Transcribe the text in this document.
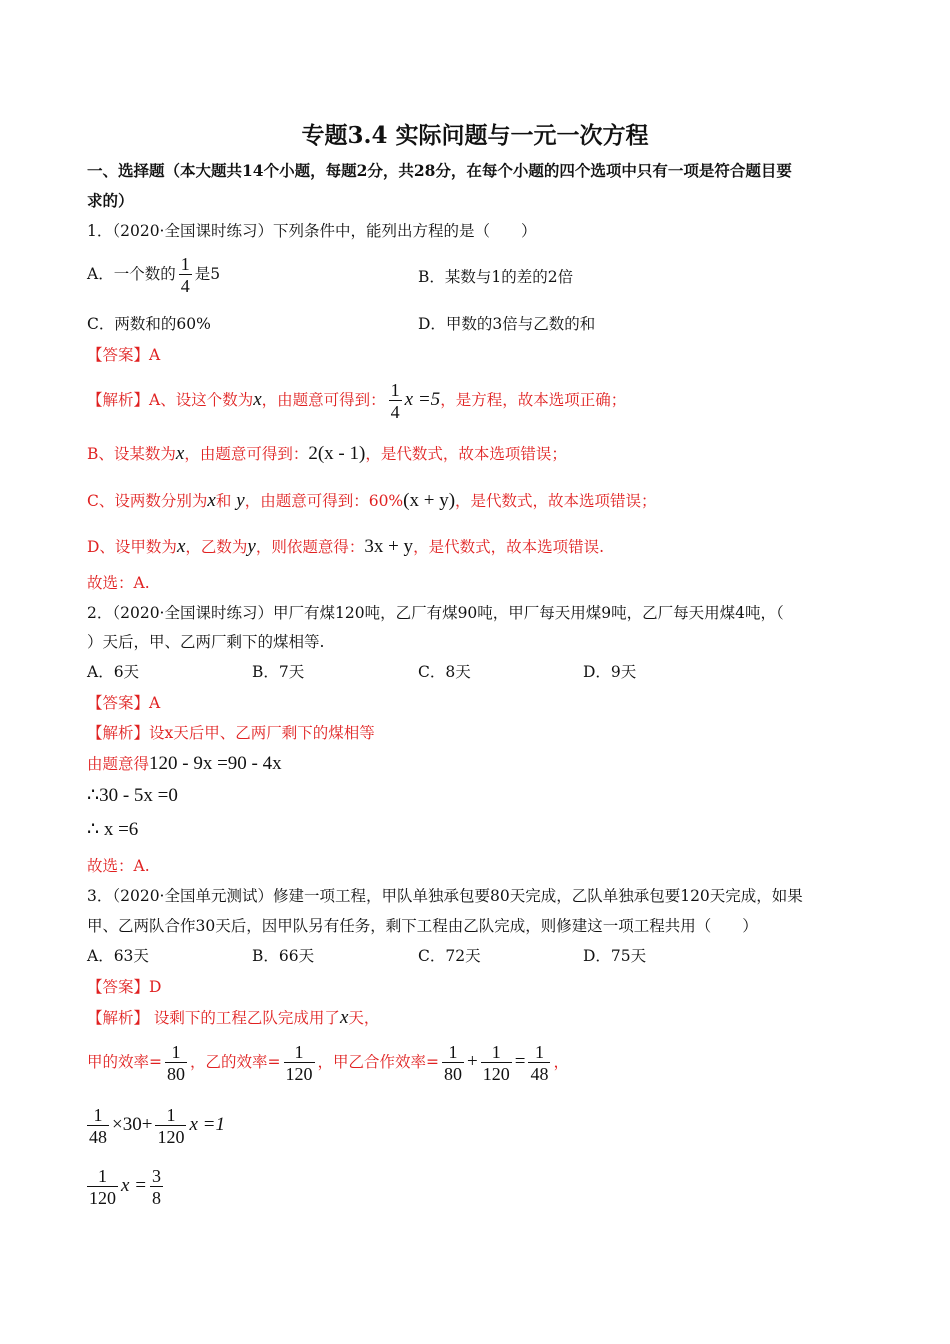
专题3.4 实际问题与一元一次方程
一、选择题（本大题共14个小题，每题2分，共28分，在每个小题的四个选项中只有一项是符合题目要
求的）
1．（2020·全国课时练习）下列条件中，能列出方程的是（　　）
A．一个数的 $\frac{1}{4}$ 是5	B．某数与1的差的2倍
C．两数和的60%	D．甲数的3倍与乙数的和
【答案】A
【解析】A、设这个数为x，由题意可得到： $\frac{1}{4}$ x =5，是方程，故本选项正确；
B、设某数为x，由题意可得到：2(x - 1)，是代数式，故本选项错误；
C、设两数分别为x和 y，由题意可得到：60%(x + y)，是代数式，故本选项错误；
D、设甲数为x，乙数为y，则依题意得：3x + y，是代数式，故本选项错误.
故选：A.
2．（2020·全国课时练习）甲厂有煤120吨，乙厂有煤90吨，甲厂每天用煤9吨，乙厂每天用煤4吨，（
）天后，甲、乙两厂剩下的煤相等.
A．6天	B．7天	C．8天	D．9天
【答案】A
【解析】设x天后甲、乙两厂剩下的煤相等
由题意得120 - 9x =90 - 4x
∴30 - 5x =0
∴ x =6
故选：A.
3．（2020·全国单元测试）修建一项工程，甲队单独承包要80天完成，乙队单独承包要120天完成，如果
甲、乙两队合作30天后，因甲队另有任务，剩下工程由乙队完成，则修建这一项工程共用（　　）
A．63天	B．66天	C．72天	D．75天
【答案】D
【解析】 设剩下的工程乙队完成用了x天，
甲的效率= $\frac{1}{80}$ ，乙的效率= $\frac{1}{120}$ ，甲乙合作效率= $\frac{1}{80} + \frac{1}{120} = \frac{1}{48}$ ，
$\frac{1}{48} \times 30+ \frac{1}{120}$ x =1
$\frac{1}{120}$ $x = \frac{3}{8}$
